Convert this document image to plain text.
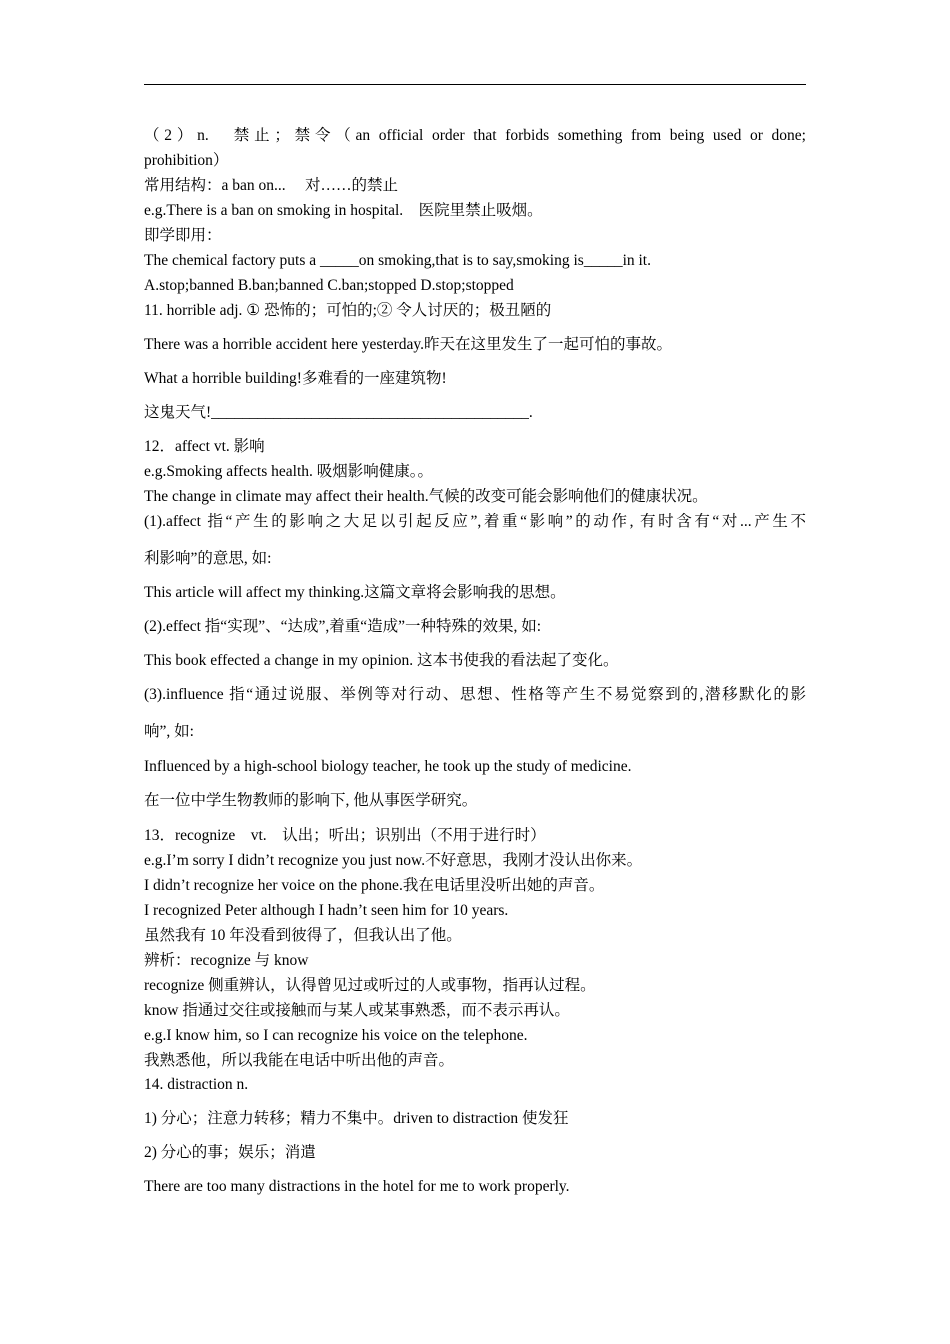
（2）n.　禁止；禁令（an official order that forbids something from being used or done;
prohibition）
常用结构：a ban on...　 对……的禁止
e.g.There is a ban on smoking in hospital.　医院里禁止吸烟。
即学即用：
The chemical factory puts a _____on smoking,that is to say,smoking is_____in it.
A.stop;banned B.ban;banned C.ban;stopped D.stop;stopped
11. horrible adj. ① 恐怖的；可怕的;② 令人讨厌的；极丑陋的
There was a horrible accident here yesterday.昨天在这里发生了一起可怕的事故。
What a horrible building!多难看的一座建筑物!
这鬼天气!_________________________________________.
12．affect vt. 影响
e.g.Smoking affects health. 吸烟影响健康。。
The change in climate may affect their health.气候的改变可能会影响他们的健康状况。
(1).affect 指“产生的影响之大足以引起反应”,着重“影响”的动作, 有时含有“对...产生不
利影响”的意思, 如:
This article will affect my thinking.这篇文章将会影响我的思想。
(2).effect 指“实现”、“达成”,着重“造成”一种特殊的效果, 如:
This book effected a change in my opinion. 这本书使我的看法起了变化。
(3).influence 指“通过说服、举例等对行动、思想、性格等产生不易觉察到的,潜移默化的影
响”, 如:
Influenced by a high-school biology teacher, he took up the study of medicine.
在一位中学生物教师的影响下, 他从事医学研究。
13．recognize　vt.　认出；听出；识别出（不用于进行时）
e.g.I’m sorry I didn’t recognize you just now.不好意思，我刚才没认出你来。
I didn’t recognize her voice on the phone.我在电话里没听出她的声音。
I recognized Peter although I hadn’t seen him for 10 years.
虽然我有 10 年没看到彼得了，但我认出了他。
辨析：recognize 与 know
recognize 侧重辨认，认得曾见过或听过的人或事物，指再认过程。
know 指通过交往或接触而与某人或某事熟悉，而不表示再认。
e.g.I know him, so I can recognize his voice on the telephone.
我熟悉他，所以我能在电话中听出他的声音。
14. distraction n.
1) 分心；注意力转移；精力不集中。driven to distraction 使发狂
2) 分心的事；娱乐；消遣
There are too many distractions in the hotel for me to work properly.
